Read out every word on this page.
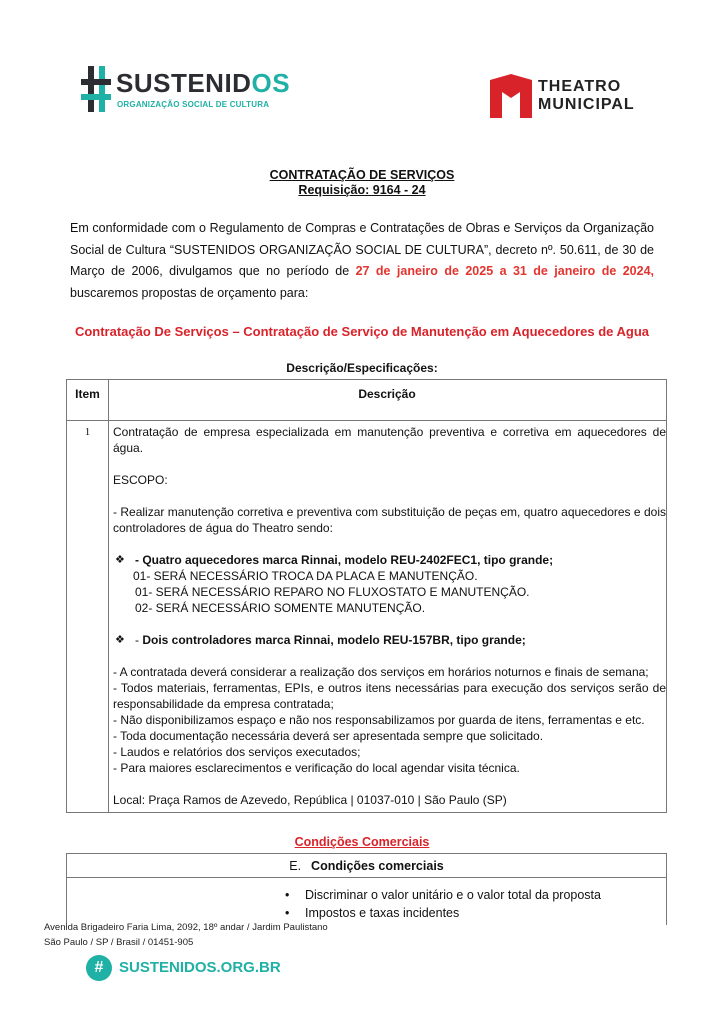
SUSTENIDOS
ORGANIZAÇÃO SOCIAL DE CULTURA
THEATRO
MUNICIPAL
CONTRATAÇÃO DE SERVIÇOS
Requisição: 9164 - 24
Em conformidade com o Regulamento de Compras e Contratações de Obras e Serviços da Organização Social de Cultura “SUSTENIDOS ORGANIZAÇÃO SOCIAL DE CULTURA”, decreto nº. 50.611, de 30 de Março de 2006, divulgamos que no período de 27 de janeiro de 2025 a 31 de janeiro de 2024, buscaremos propostas de orçamento para:
Contratação De Serviços – Contratação de Serviço de Manutenção em Aquecedores de Agua
Descrição/Especificações:
Item	Descrição
1	Contratação de empresa especializada em manutenção preventiva e corretiva em aquecedores de água.

ESCOPO:

- Realizar manutenção corretiva e preventiva com substituição de peças em, quatro aquecedores e dois controladores de água do Theatro sendo:

❖ - Quatro aquecedores marca Rinnai, modelo REU-2402FEC1, tipo grande;

01- SERÁ NECESSÁRIO TROCA DA PLACA E MANUTENÇÃO.

01- SERÁ NECESSÁRIO REPARO NO FLUXOSTATO E MANUTENÇÃO.

02- SERÁ NECESSÁRIO SOMENTE MANUTENÇÃO.

❖ - Dois controladores marca Rinnai, modelo REU-157BR, tipo grande;

- A contratada deverá considerar a realização dos serviços em horários noturnos e finais de semana;

- Todos materiais, ferramentas, EPIs, e outros itens necessárias para execução dos serviços serão de responsabilidade da empresa contratada;

- Não disponibilizamos espaço e não nos responsabilizamos por guarda de itens, ferramentas e etc.

- Toda documentação necessária deverá ser apresentada sempre que solicitado.

- Laudos e relatórios dos serviços executados;

- Para maiores esclarecimentos e verificação do local agendar visita técnica.

Local: Praça Ramos de Azevedo, República | 01037-010 | São Paulo (SP)

Condições Comerciais
E. Condições comerciais
• Discriminar o valor unitário e o valor total da proposta
• Impostos e taxas incidentes
Avenida Brigadeiro Faria Lima, 2092, 18º andar / Jardim Paulistano
São Paulo / SP / Brasil / 01451-905
#	SUSTENIDOS.ORG.BR
